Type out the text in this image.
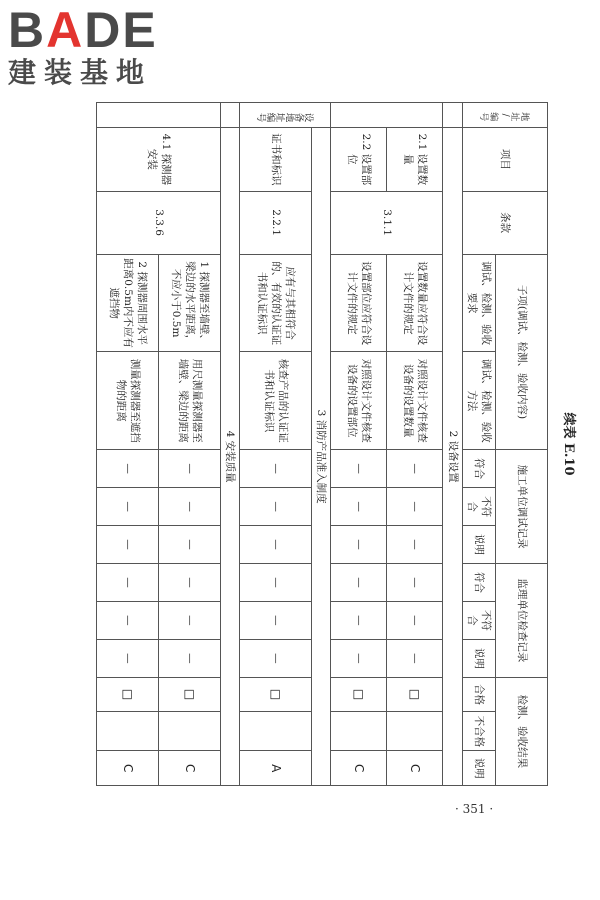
BADE
建装基地
续表 E.10
地址/编号	项目	条款	子项(调试、检测、验收内容)		施工单位调试记录			监理单位检查记录			检测、验收结果		
			调试、检测、验收要求	调试、检测、验收方法	符合	不符合	说明	符合	不符合	说明	合格	不合格	说明
	2 设备设置												
	2.1 设置数量	3.1.1	设置数量应符合设计文件的规定	对照设计文件核查设备的设置数量	—	—	—	—	—	—	□		C
	2.2 设置部位		设置部位应符合设计文件的规定	对照设计文件核查设备的设置部位	—	—	—	—	—	—	□		C

设备地址编号	3 消防产品准入制度												
	证书和标识	2.2.1	应有与其相符合的、有效的认证证书和认证标识	核查产品的认证证书和认证标识	—	—	—	—	—	—	□		A
	4 安装质量												
	4.1 探测器安装	3.3.6	1 探测器至墙壁、梁边的水平距离，不应小于0.5m	用尺测量探测器至墙壁、梁边的距离	—	—	—	—	—	—	□		C
			2 探测器周围水平距离0.5m内不应有遮挡物	测量探测器至遮挡物的距离	—	—	—	—	—	—	□		C
· 351 ·
